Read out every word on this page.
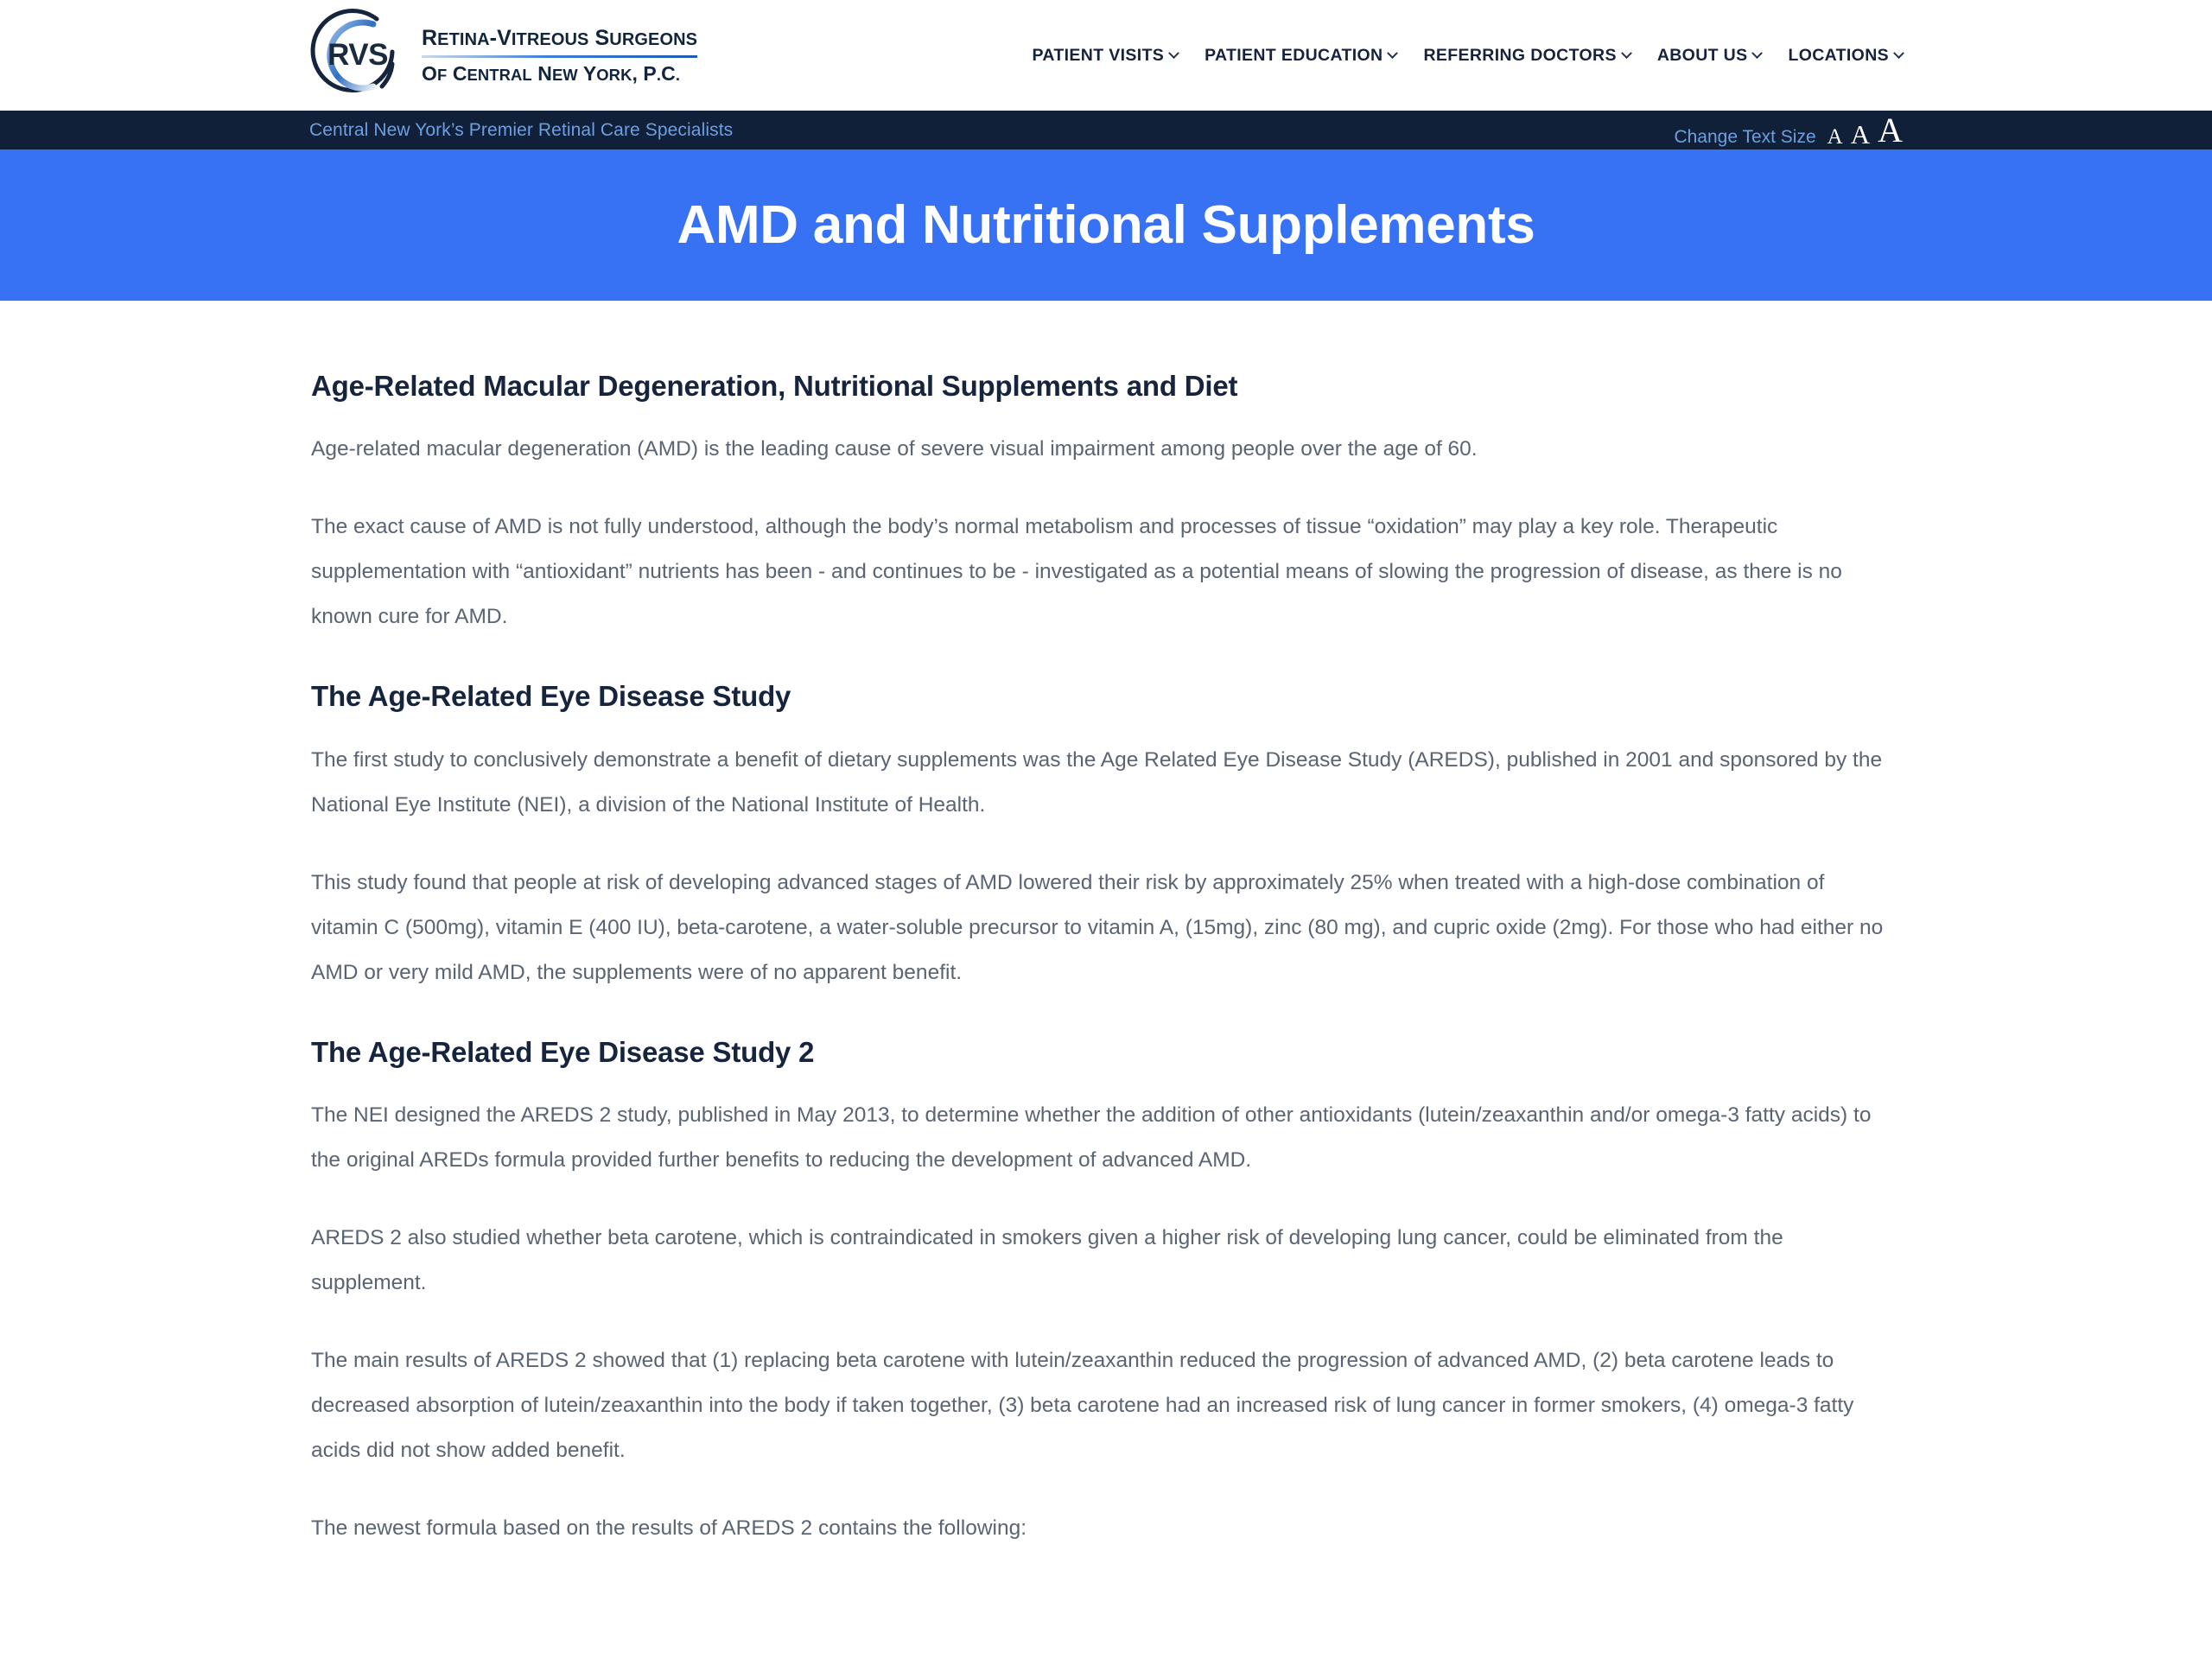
RVS	RETINA-VITREOUS SURGEONS
OF CENTRAL NEW YORK, P.C.
PATIENT VISITS PATIENT EDUCATION REFERRING DOCTORS ABOUT US LOCATIONS
Central New York’s Premier Retinal Care Specialists	Change Text Size A A A
AMD and Nutritional Supplements
Age-Related Macular Degeneration, Nutritional Supplements and Diet

Age-related macular degeneration (AMD) is the leading cause of severe visual impairment among people over the age of 60.

The exact cause of AMD is not fully understood, although the body’s normal metabolism and processes of tissue “oxidation” may play a key role. Therapeutic supplementation with “antioxidant” nutrients has been - and continues to be - investigated as a potential means of slowing the progression of disease, as there is no known cure for AMD.

The Age-Related Eye Disease Study

The first study to conclusively demonstrate a benefit of dietary supplements was the Age Related Eye Disease Study (AREDS), published in 2001 and sponsored by the National Eye Institute (NEI), a division of the National Institute of Health.

This study found that people at risk of developing advanced stages of AMD lowered their risk by approximately 25% when treated with a high-dose combination of vitamin C (500mg), vitamin E (400 IU), beta-carotene, a water-soluble precursor to vitamin A, (15mg), zinc (80 mg), and cupric oxide (2mg). For those who had either no AMD or very mild AMD, the supplements were of no apparent benefit.

The Age-Related Eye Disease Study 2

The NEI designed the AREDS 2 study, published in May 2013, to determine whether the addition of other antioxidants (lutein/zeaxanthin and/or omega-3 fatty acids) to the original AREDs formula provided further benefits to reducing the development of advanced AMD.

AREDS 2 also studied whether beta carotene, which is contraindicated in smokers given a higher risk of developing lung cancer, could be eliminated from the supplement.

The main results of AREDS 2 showed that (1) replacing beta carotene with lutein/zeaxanthin reduced the progression of advanced AMD, (2) beta carotene leads to decreased absorption of lutein/zeaxanthin into the body if taken together, (3) beta carotene had an increased risk of lung cancer in former smokers, (4) omega-3 fatty acids did not show added benefit.

The newest formula based on the results of AREDS 2 contains the following:
